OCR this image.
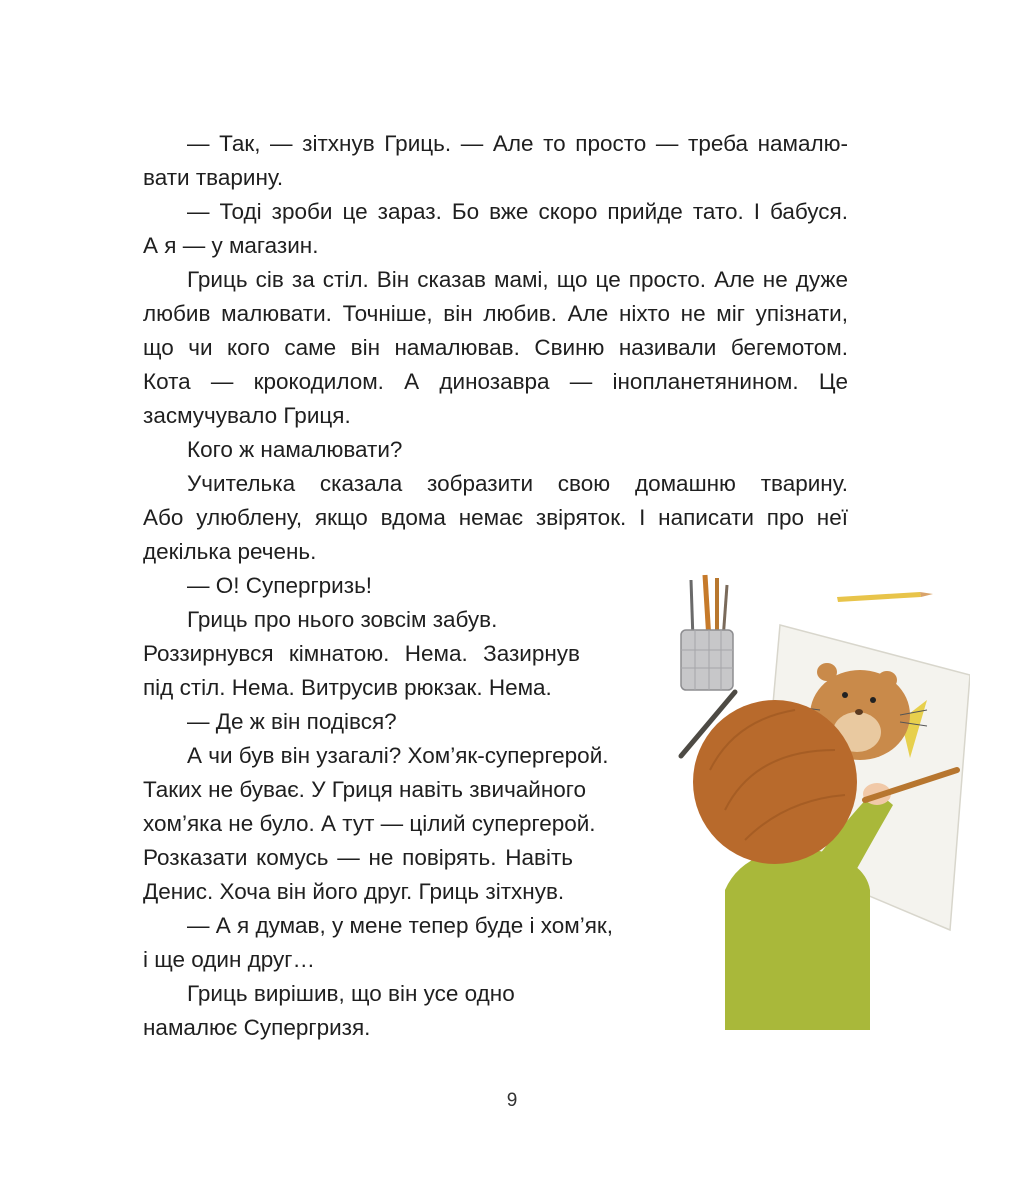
— Так, — зітхнув Гриць. — Але то просто — треба намалю-
вати тварину.
— Тоді зроби це зараз. Бо вже скоро прийде тато. І бабуся.
А я — у магазин.
Гриць сів за стіл. Він сказав мамі, що це просто. Але не дуже
любив малювати. Точніше, він любив. Але ніхто не міг упізнати,
що чи кого саме він намалював. Свиню називали бегемотом.
Кота — крокодилом. А динозавра — інопланетянином. Це
засмучувало Гриця.
Кого ж намалювати?
Учителька сказала зобразити свою домашню тварину.
Або улюблену, якщо вдома немає звіряток. І написати про неї
декілька речень.
— О! Супергризь!
Гриць про нього зовсім забув.
Роззирнувся кімнатою. Нема. Зазирнув
під стіл. Нема. Витрусив рюкзак. Нема.
— Де ж він подівся?
А чи був він узагалі? Хом’як-супергерой.
Таких не буває. У Гриця навіть звичайного
хом’яка не було. А тут — цілий супергерой.
Розказати комусь — не повірять. Навіть
Денис. Хоча він його друг. Гриць зітхнув.
— А я думав, у мене тепер буде і хом’як,
і ще один друг…
Гриць вирішив, що він усе одно
намалює Супергризя.
9
